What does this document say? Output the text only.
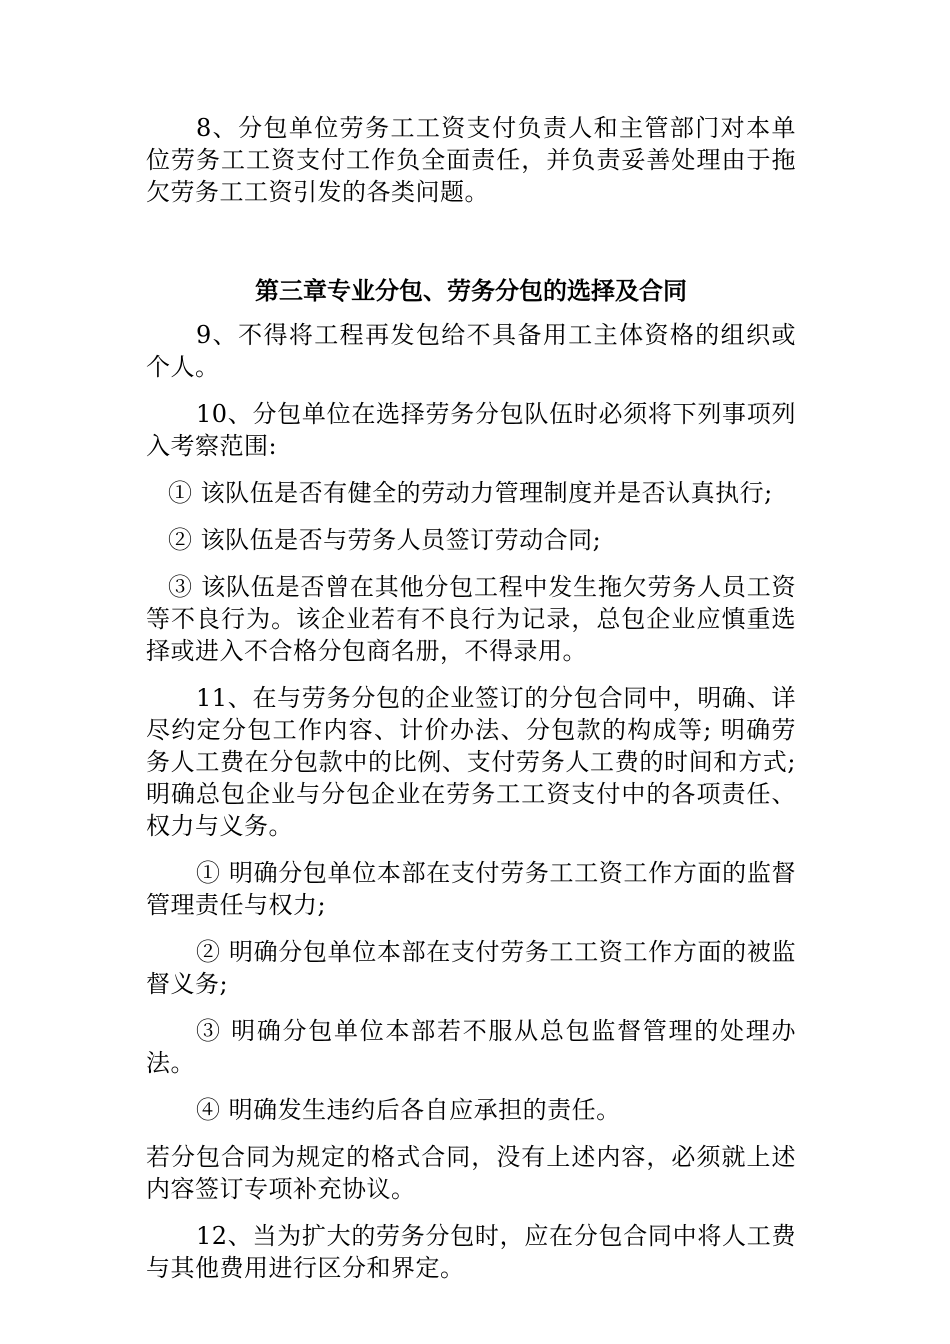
8、分包单位劳务工工资支付负责人和主管部门对本单位劳务工工资支付工作负全面责任，并负责妥善处理由于拖欠劳务工工资引发的各类问题。

第三章专业分包、劳务分包的选择及合同

9、不得将工程再发包给不具备用工主体资格的组织或个人。

10、分包单位在选择劳务分包队伍时必须将下列事项列入考察范围:

① 该队伍是否有健全的劳动力管理制度并是否认真执行;

② 该队伍是否与劳务人员签订劳动合同;

③ 该队伍是否曾在其他分包工程中发生拖欠劳务人员工资等不良行为。该企业若有不良行为记录，总包企业应慎重选择或进入不合格分包商名册，不得录用。

11、在与劳务分包的企业签订的分包合同中，明确、详尽约定分包工作内容、计价办法、分包款的构成等; 明确劳务人工费在分包款中的比例、支付劳务人工费的时间和方式; 明确总包企业与分包企业在劳务工工资支付中的各项责任、权力与义务。

① 明确分包单位本部在支付劳务工工资工作方面的监督管理责任与权力;

② 明确分包单位本部在支付劳务工工资工作方面的被监督义务;

③ 明确分包单位本部若不服从总包监督管理的处理办法。

④ 明确发生违约后各自应承担的责任。

若分包合同为规定的格式合同，没有上述内容，必须就上述内容签订专项补充协议。

12、当为扩大的劳务分包时，应在分包合同中将人工费与其他费用进行区分和界定。
